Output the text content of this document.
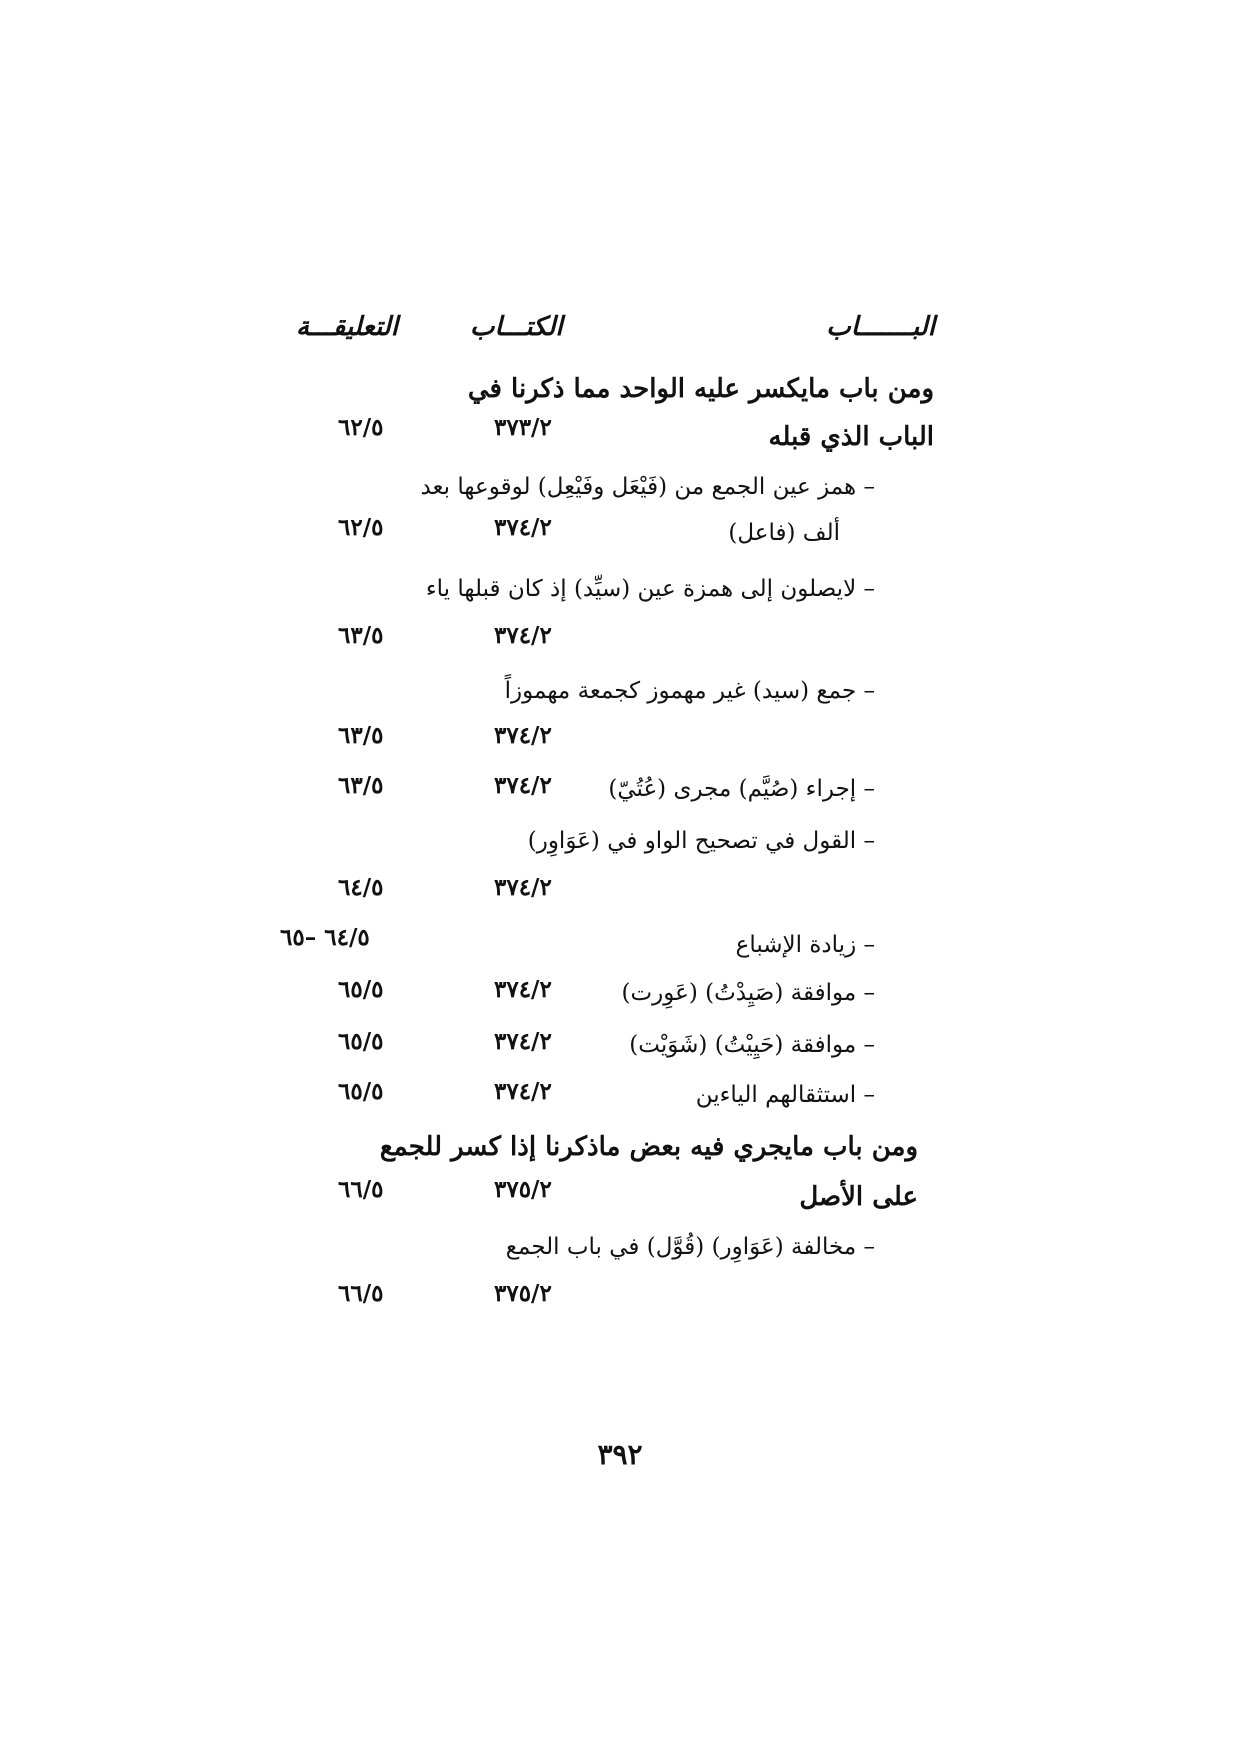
البـــــــاب
الكتـــاب
التعليقـــة
ومن باب مايكسر عليه الواحد مما ذكرنا في
الباب الذي قبله
٣٧٣/٢
٦٢/٥
– همز عين الجمع من (فَيْعَل وفَيْعِل) لوقوعها بعد
ألف (فاعل)
٣٧٤/٢
٦٢/٥
– لايصلون إلى همزة عين (سيِّد) إذ كان قبلها ياء
٣٧٤/٢
٦٣/٥
– جمع (سيد) غير مهموز كجمعة مهموزاً
٣٧٤/٢
٦٣/٥
– إجراء (صُيَّم) مجرى (عُتُيّ)
٣٧٤/٢
٦٣/٥
– القول في تصحيح الواو في (عَوَاوِر)
٣٧٤/٢
٦٤/٥
– زيادة الإشباع
٦٤/٥ –٦٥
– موافقة (صَيِدْتُ) (عَوِرت)
٣٧٤/٢
٦٥/٥
– موافقة (حَيِيْتُ) (شَوَيْت)
٣٧٤/٢
٦٥/٥
– استثقالهم الياءين
٣٧٤/٢
٦٥/٥
ومن باب مايجري فيه بعض ماذكرنا إذا كسر للجمع
على الأصل
٣٧٥/٢
٦٦/٥
– مخالفة (عَوَاوِر) (قُوَّل) في باب الجمع
٣٧٥/٢
٦٦/٥
٣٩٢
